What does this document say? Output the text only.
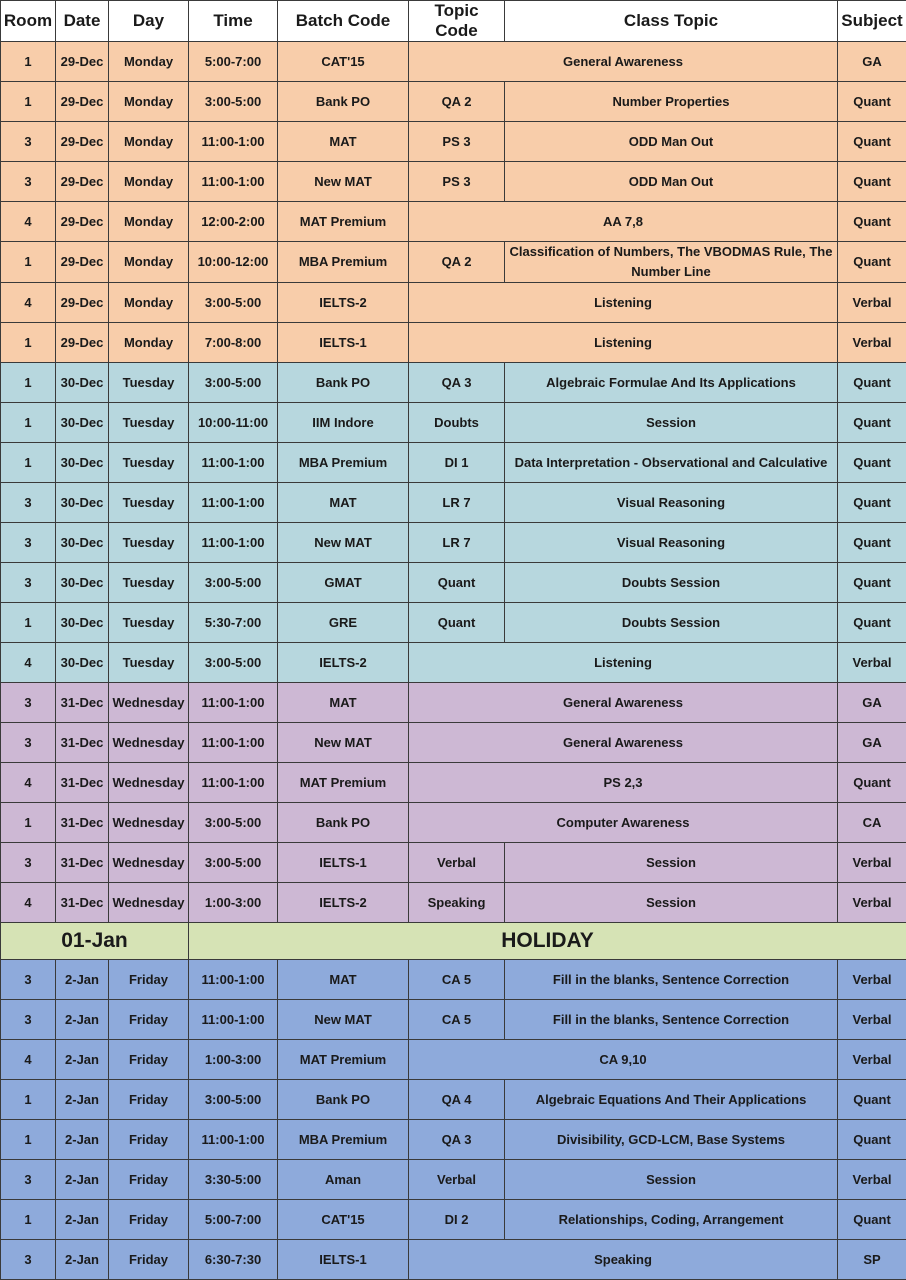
Room	Date	Day	Time	Batch Code	Topic Code	Class Topic	Subject
1	29-Dec	Monday	5:00-7:00	CAT'15	General Awareness		GA
1	29-Dec	Monday	3:00-5:00	Bank PO	QA 2	Number Properties	Quant
3	29-Dec	Monday	11:00-1:00	MAT	PS 3	ODD Man Out	Quant
3	29-Dec	Monday	11:00-1:00	New MAT	PS 3	ODD Man Out	Quant
4	29-Dec	Monday	12:00-2:00	MAT Premium	AA 7,8		Quant
1	29-Dec	Monday	10:00-12:00	MBA Premium	QA 2	Classification of Numbers, The VBODMAS Rule, The Number Line	Quant
4	29-Dec	Monday	3:00-5:00	IELTS-2	Listening		Verbal
1	29-Dec	Monday	7:00-8:00	IELTS-1	Listening		Verbal
1	30-Dec	Tuesday	3:00-5:00	Bank PO	QA 3	Algebraic Formulae And Its Applications	Quant
1	30-Dec	Tuesday	10:00-11:00	IIM Indore	Doubts	Session	Quant
1	30-Dec	Tuesday	11:00-1:00	MBA Premium	DI 1	Data Interpretation - Observational and Calculative	Quant
3	30-Dec	Tuesday	11:00-1:00	MAT	LR 7	Visual Reasoning	Quant
3	30-Dec	Tuesday	11:00-1:00	New MAT	LR 7	Visual Reasoning	Quant
3	30-Dec	Tuesday	3:00-5:00	GMAT	Quant	Doubts Session	Quant
1	30-Dec	Tuesday	5:30-7:00	GRE	Quant	Doubts Session	Quant
4	30-Dec	Tuesday	3:00-5:00	IELTS-2	Listening		Verbal
3	31-Dec	Wednesday	11:00-1:00	MAT	General Awareness		GA
3	31-Dec	Wednesday	11:00-1:00	New MAT	General Awareness		GA
4	31-Dec	Wednesday	11:00-1:00	MAT Premium	PS 2,3		Quant
1	31-Dec	Wednesday	3:00-5:00	Bank PO	Computer Awareness		CA
3	31-Dec	Wednesday	3:00-5:00	IELTS-1	Verbal	Session	Verbal
4	31-Dec	Wednesday	1:00-3:00	IELTS-2	Speaking	Session	Verbal
01-Jan			HOLIDAY				
3	2-Jan	Friday	11:00-1:00	MAT	CA 5	Fill in the blanks, Sentence Correction	Verbal
3	2-Jan	Friday	11:00-1:00	New MAT	CA 5	Fill in the blanks, Sentence Correction	Verbal
4	2-Jan	Friday	1:00-3:00	MAT Premium	CA 9,10		Verbal
1	2-Jan	Friday	3:00-5:00	Bank PO	QA 4	Algebraic Equations And Their Applications	Quant
1	2-Jan	Friday	11:00-1:00	MBA Premium	QA 3	Divisibility, GCD-LCM, Base Systems	Quant
3	2-Jan	Friday	3:30-5:00	Aman	Verbal	Session	Verbal
1	2-Jan	Friday	5:00-7:00	CAT'15	DI 2	Relationships, Coding, Arrangement	Quant
3	2-Jan	Friday	6:30-7:30	IELTS-1	Speaking		SP
